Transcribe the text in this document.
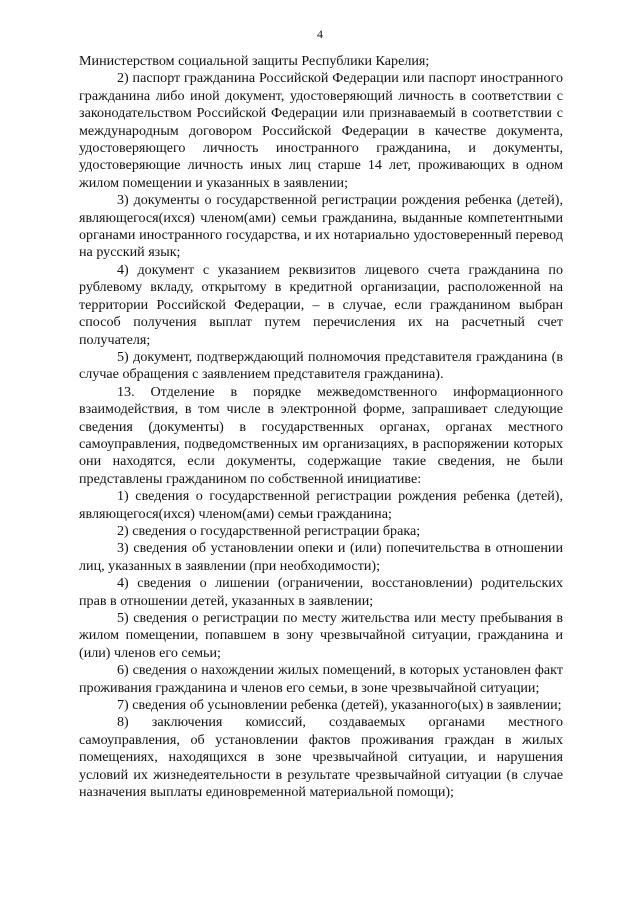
4

Министерством социальной защиты Республики Карелия;

2) паспорт гражданина Российской Федерации или паспорт иностранного гражданина либо иной документ, удостоверяющий личность в соответствии с законодательством Российской Федерации или признаваемый в соответствии с международным договором Российской Федерации в качестве документа, удостоверяющего личность иностранного гражданина, и документы, удостоверяющие личность иных лиц старше 14 лет, проживающих в одном жилом помещении и указанных в заявлении;

3) документы о государственной регистрации рождения ребенка (детей), являющегося(ихся) членом(ами) семьи гражданина, выданные компетентными органами иностранного государства, и их нотариально удостоверенный перевод на русский язык;

4) документ с указанием реквизитов лицевого счета гражданина по рублевому вкладу, открытому в кредитной организации, расположенной на территории Российской Федерации, – в случае, если гражданином выбран способ получения выплат путем перечисления их на расчетный счет получателя;

5) документ, подтверждающий полномочия представителя гражданина (в случае обращения с заявлением представителя гражданина).

13. Отделение в порядке межведомственного информационного взаимодействия, в том числе в электронной форме, запрашивает следующие сведения (документы) в государственных органах, органах местного самоуправления, подведомственных им организациях, в распоряжении которых они находятся, если документы, содержащие такие сведения, не были представлены гражданином по собственной инициативе:

1) сведения о государственной регистрации рождения ребенка (детей), являющегося(ихся) членом(ами) семьи гражданина;

2) сведения о государственной регистрации брака;

3) сведения об установлении опеки и (или) попечительства в отношении лиц, указанных в заявлении (при необходимости);

4) сведения о лишении (ограничении, восстановлении) родительских прав в отношении детей, указанных в заявлении;

5) сведения о регистрации по месту жительства или месту пребывания в жилом помещении, попавшем в зону чрезвычайной ситуации, гражданина и (или) членов его семьи;

6) сведения о нахождении жилых помещений, в которых установлен факт проживания гражданина и членов его семьи, в зоне чрезвычайной ситуации;

7) сведения об усыновлении ребенка (детей), указанного(ых) в заявлении;

8) заключения комиссий, создаваемых органами местного самоуправления, об установлении фактов проживания граждан в жилых помещениях, находящихся в зоне чрезвычайной ситуации, и нарушения условий их жизнедеятельности в результате чрезвычайной ситуации (в случае назначения выплаты единовременной материальной помощи);
